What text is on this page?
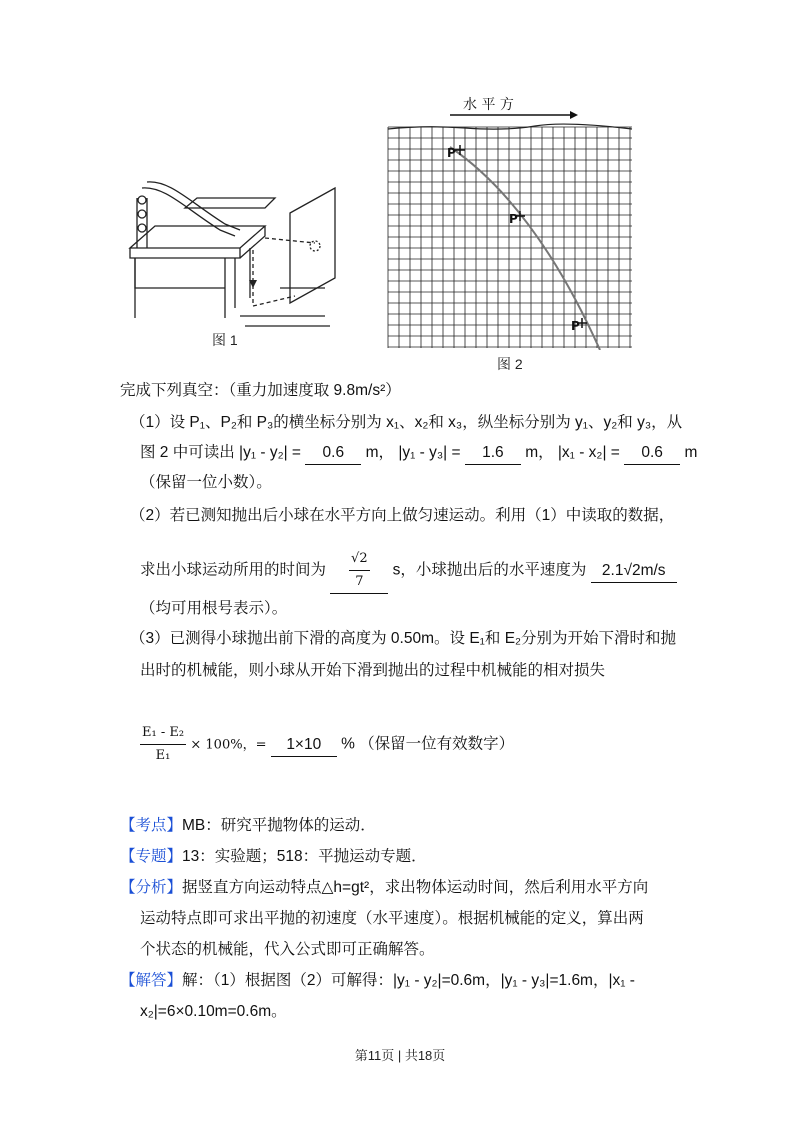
图 1
水 平 方
P
P
P
图 2
完成下列真空：（重力加速度取 9.8m/s²）
（1）设 P₁、P₂和 P₃的横坐标分别为 x₁、x₂和 x₃，纵坐标分别为 y₁、y₂和 y₃，从
图 2 中可读出 |y₁ - y₂| = 0.6 m， |y₁ - y₃| = 1.6 m， |x₁ - x₂| = 0.6 m
（保留一位小数）。
（2）若已测知抛出后小球在水平方向上做匀速运动。利用（1）中读取的数据，
求出小球运动所用的时间为 $\frac{√2}{7}$ s，小球抛出后的水平速度为 2.1√2m/s
（均可用根号表示）。
（3）已测得小球抛出前下滑的高度为 0.50m。设 E₁和 E₂分别为开始下滑时和抛
出时的机械能，则小球从开始下滑到抛出的过程中机械能的相对损失
$\frac{\text{E₁ - E₂}}{\text{E₁}} \times 100\%$，= 1×10 % （保留一位有效数字）
【考点】MB：研究平抛物体的运动．
【专题】13：实验题；518：平抛运动专题．
【分析】据竖直方向运动特点△h=gt²，求出物体运动时间，然后利用水平方向
运动特点即可求出平抛的初速度（水平速度）。根据机械能的定义，算出两
个状态的机械能，代入公式即可正确解答。
【解答】解：（1）根据图（2）可解得：|y₁ - y₂|=0.6m，|y₁ - y₃|=1.6m，|x₁ -
x₂|=6×0.10m=0.6m。
第11页 | 共18页
